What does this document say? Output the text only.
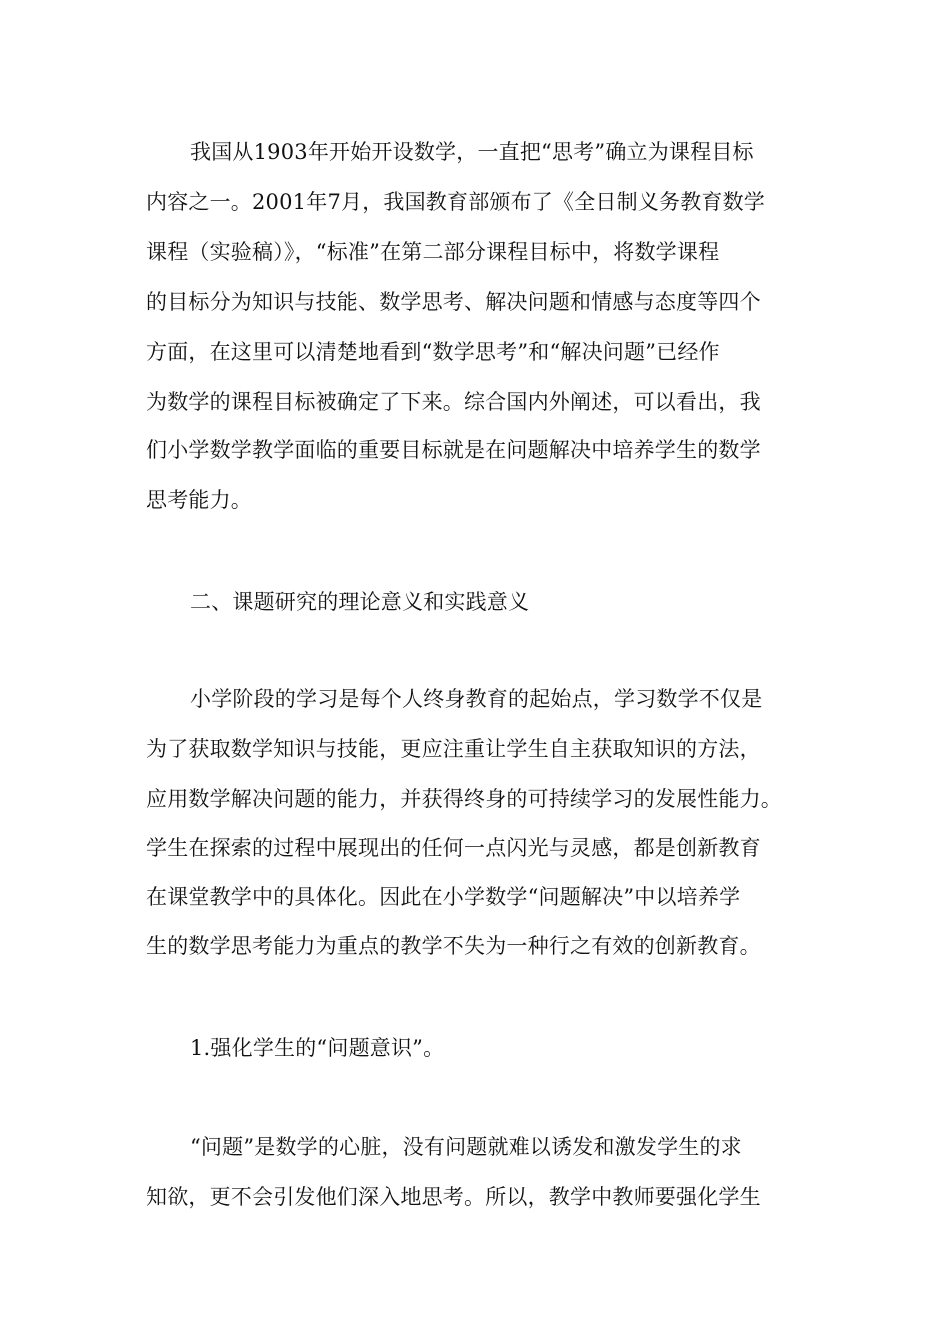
我国从1903年开始开设数学，一直把“思考”确立为课程目标
内容之一。2001年7月，我国教育部颁布了《全日制义务教育数学
课程（实验稿）》，“标准”在第二部分课程目标中，将数学课程
的目标分为知识与技能、数学思考、解决问题和情感与态度等四个
方面，在这里可以清楚地看到“数学思考”和“解决问题”已经作
为数学的课程目标被确定了下来。综合国内外阐述，可以看出，我
们小学数学教学面临的重要目标就是在问题解决中培养学生的数学
思考能力。
二、课题研究的理论意义和实践意义
小学阶段的学习是每个人终身教育的起始点，学习数学不仅是
为了获取数学知识与技能，更应注重让学生自主获取知识的方法，
应用数学解决问题的能力，并获得终身的可持续学习的发展性能力。
学生在探索的过程中展现出的任何一点闪光与灵感，都是创新教育
在课堂教学中的具体化。因此在小学数学“问题解决”中以培养学
生的数学思考能力为重点的教学不失为一种行之有效的创新教育。
1.强化学生的“问题意识”。
“问题”是数学的心脏，没有问题就难以诱发和激发学生的求
知欲，更不会引发他们深入地思考。所以，教学中教师要强化学生
